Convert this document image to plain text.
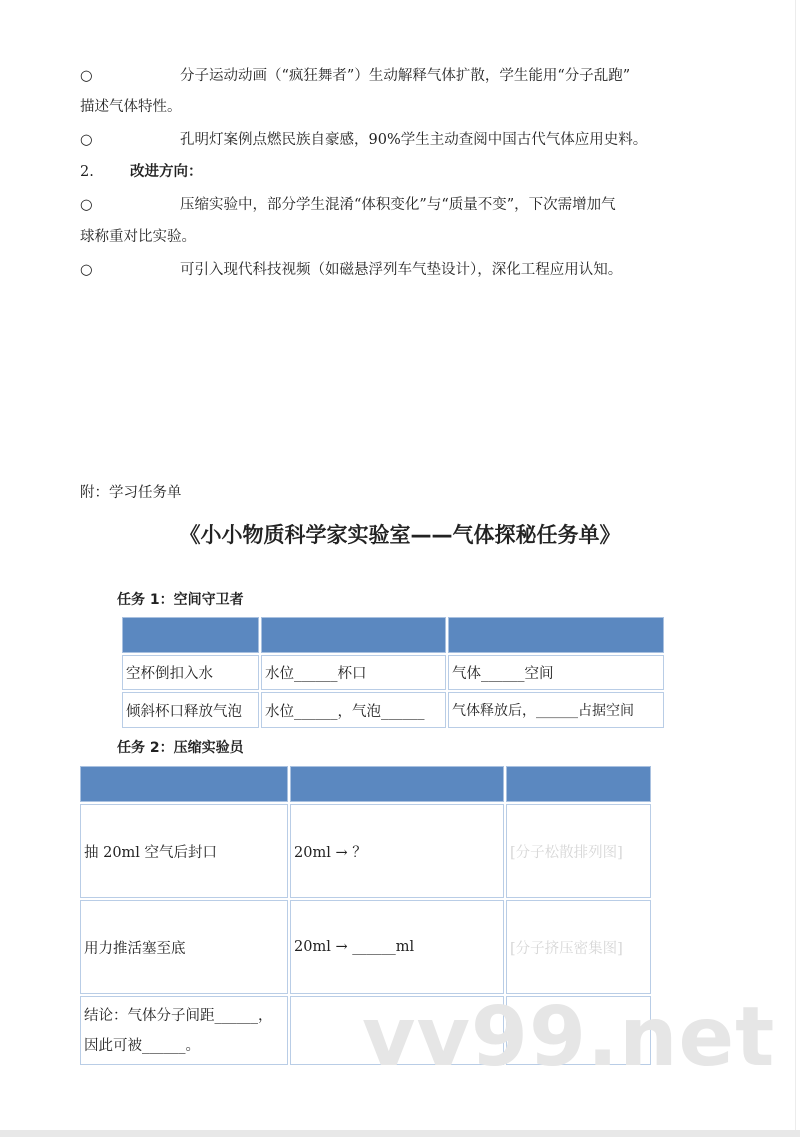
○	分子运动动画（“疯狂舞者”）生动解释气体扩散，学生能用“分子乱跑”
描述气体特性。
○	孔明灯案例点燃民族自豪感，90%学生主动查阅中国古代气体应用史料。
2. 改进方向：
○	压缩实验中，部分学生混淆“体积变化”与“质量不变”，下次需增加气
球称重对比实验。
○	可引入现代科技视频（如磁悬浮列车气垫设计），深化工程应用认知。
附：学习任务单
《小小物质科学家实验室——气体探秘任务单》
任务 1：空间守卫者
空杯倒扣入水	水位______杯口	气体______空间
倾斜杯口释放气泡	水位______，气泡______	气体释放后，______占据空间
任务 2：压缩实验员
抽 20ml 空气后封口	20ml → ？	[分子松散排列图]
用力推活塞至底	20ml → ______ml	[分子挤压密集图]
结论：气体分子间距______，
因此可被______。 vv99.net
